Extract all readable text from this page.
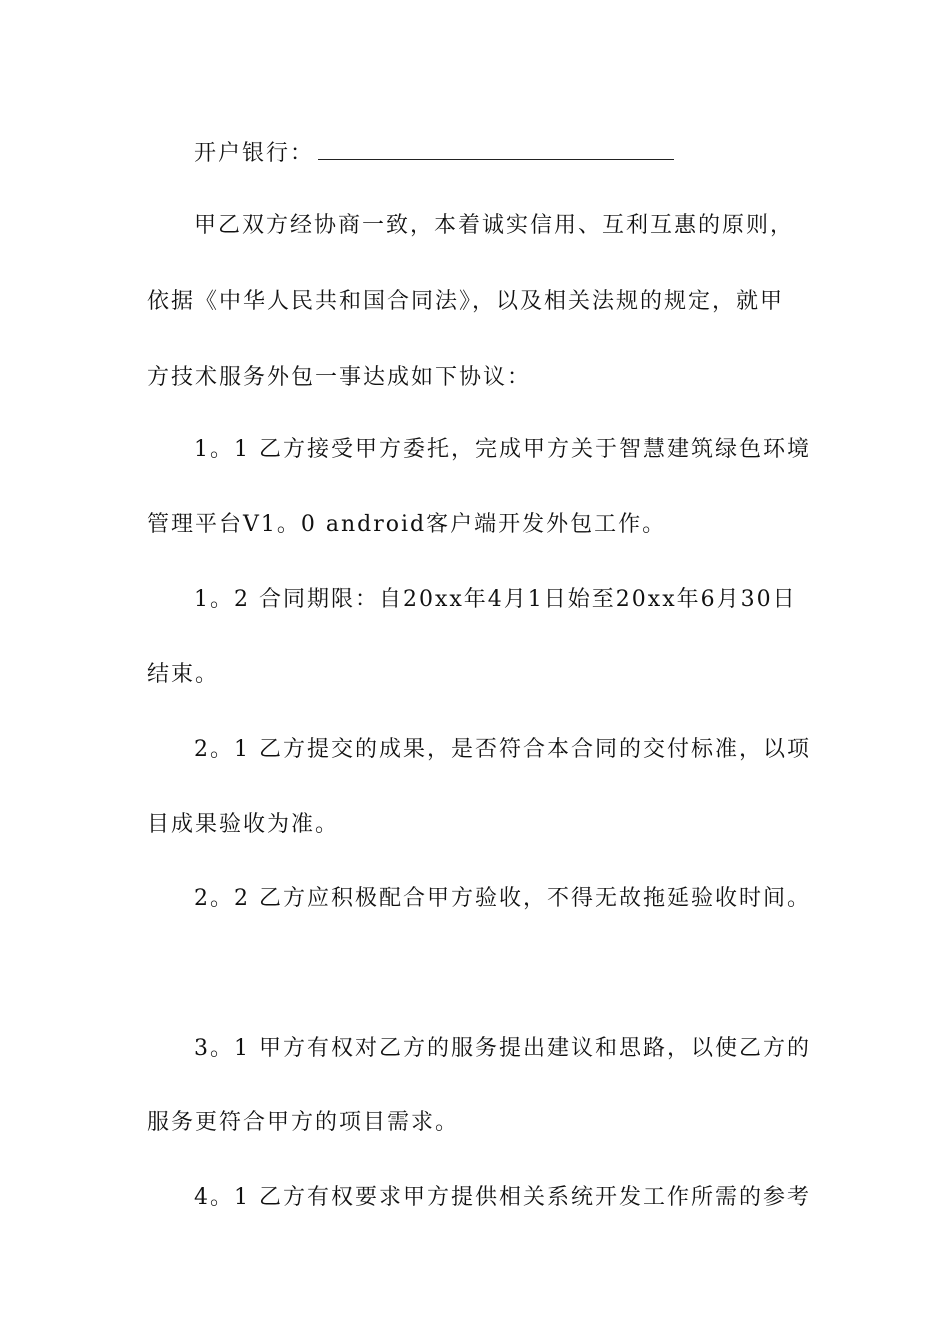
开户银行：
甲乙双方经协商一致，本着诚实信用、互利互惠的原则，
依据《中华人民共和国合同法》，以及相关法规的规定，就甲
方技术服务外包一事达成如下协议：
1。1 乙方接受甲方委托，完成甲方关于智慧建筑绿色环境
管理平台V1。0 android客户端开发外包工作。
1。2 合同期限：自20xx年4月1日始至20xx年6月30日
结束。
2。1 乙方提交的成果，是否符合本合同的交付标准，以项
目成果验收为准。
2。2 乙方应积极配合甲方验收，不得无故拖延验收时间。
3。1 甲方有权对乙方的服务提出建议和思路，以使乙方的
服务更符合甲方的项目需求。
4。1 乙方有权要求甲方提供相关系统开发工作所需的参考
